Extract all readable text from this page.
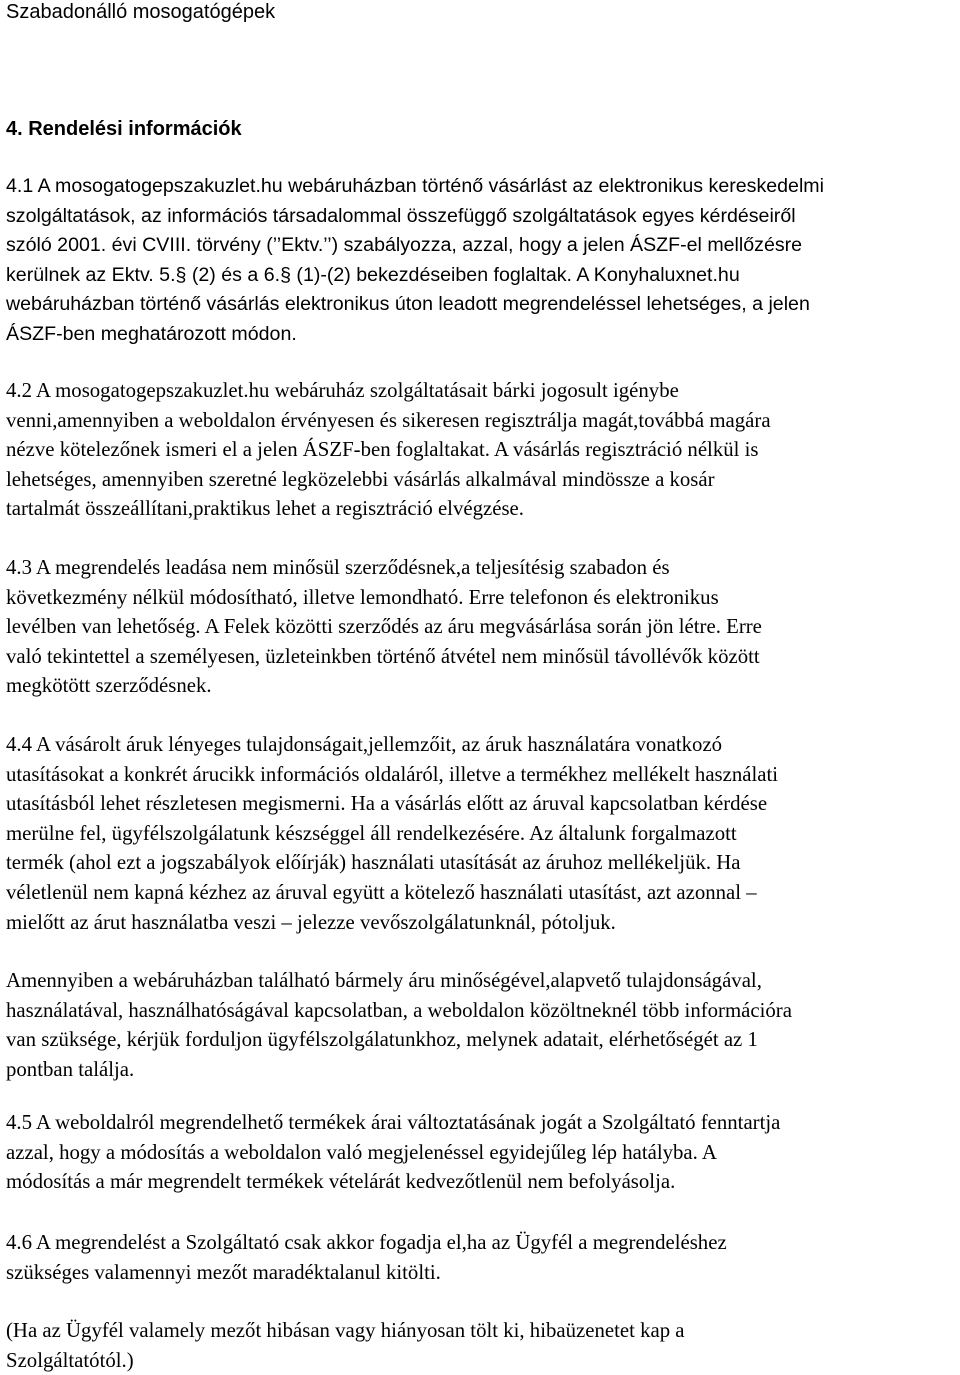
Szabadonálló mosogatógépek
4. Rendelési információk
4.1 A mosogatogepszakuzlet.hu webáruházban történő vásárlást az elektronikus kereskedelmi
szolgáltatások, az információs társadalommal összefüggő szolgáltatások egyes kérdéseiről
szóló 2001. évi CVIII. törvény (’’Ektv.’’) szabályozza, azzal, hogy a jelen ÁSZF-el mellőzésre
kerülnek az Ektv. 5.§ (2) és a 6.§ (1)-(2) bekezdéseiben foglaltak. A Konyhaluxnet.hu
webáruházban történő vásárlás elektronikus úton leadott megrendeléssel lehetséges, a jelen
ÁSZF-ben meghatározott módon.
4.2 A mosogatogepszakuzlet.hu webáruház szolgáltatásait bárki jogosult igénybe
venni,amennyiben a weboldalon érvényesen és sikeresen regisztrálja magát,továbbá magára
nézve kötelezőnek ismeri el a jelen ÁSZF-ben foglaltakat. A vásárlás regisztráció nélkül is
lehetséges, amennyiben szeretné legközelebbi vásárlás alkalmával mindössze a kosár
tartalmát összeállítani,praktikus lehet a regisztráció elvégzése.
4.3 A megrendelés leadása nem minősül szerződésnek,a teljesítésig szabadon és
következmény nélkül módosítható, illetve lemondható. Erre telefonon és elektronikus
levélben van lehetőség. A Felek közötti szerződés az áru megvásárlása során jön létre. Erre
való tekintettel a személyesen, üzleteinkben történő átvétel nem minősül távollévők között
megkötött szerződésnek.
4.4 A vásárolt áruk lényeges tulajdonságait,jellemzőit, az áruk használatára vonatkozó
utasításokat a konkrét árucikk információs oldaláról, illetve a termékhez mellékelt használati
utasításból lehet részletesen megismerni. Ha a vásárlás előtt az áruval kapcsolatban kérdése
merülne fel, ügyfélszolgálatunk készséggel áll rendelkezésére. Az általunk forgalmazott
termék (ahol ezt a jogszabályok előírják) használati utasítását az áruhoz mellékeljük. Ha
véletlenül nem kapná kézhez az áruval együtt a kötelező használati utasítást, azt azonnal –
mielőtt az árut használatba veszi – jelezze vevőszolgálatunknál, pótoljuk.
Amennyiben a webáruházban található bármely áru minőségével,alapvető tulajdonságával,
használatával, használhatóságával kapcsolatban, a weboldalon közöltneknél több információra
van szüksége, kérjük forduljon ügyfélszolgálatunkhoz, melynek adatait, elérhetőségét az 1
pontban találja.
4.5 A weboldalról megrendelhető termékek árai változtatásának jogát a Szolgáltató fenntartja
azzal, hogy a módosítás a weboldalon való megjelenéssel egyidejűleg lép hatályba. A
módosítás a már megrendelt termékek vételárát kedvezőtlenül nem befolyásolja.
4.6 A megrendelést a Szolgáltató csak akkor fogadja el,ha az Ügyfél a megrendeléshez
szükséges valamennyi mezőt maradéktalanul kitölti.
(Ha az Ügyfél valamely mezőt hibásan vagy hiányosan tölt ki, hibaüzenetet kap a
Szolgáltatótól.)
